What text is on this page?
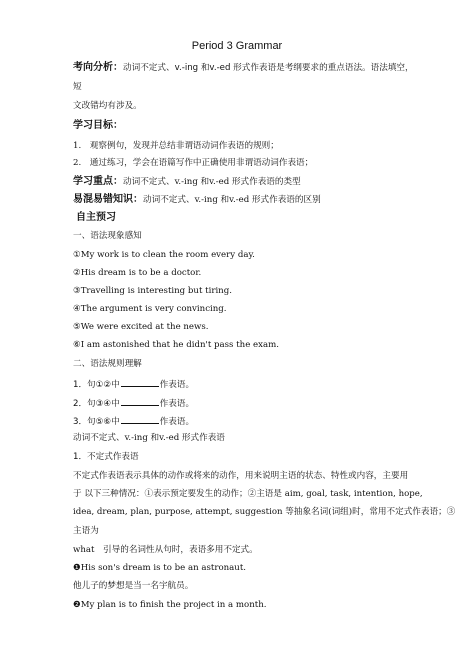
Period 3 Grammar
考向分析：动词不定式、v.-ing 和v.-ed 形式作表语是考纲要求的重点语法。语法填空，
短
文改错均有涉及。
学习目标：
1.　观察例句，发现并总结非谓语动词作表语的规则；
2.　通过练习，学会在语篇写作中正确使用非谓语动词作表语；
学习重点：动词不定式、v.-ing 和v.-ed 形式作表语的类型
易混易错知识：动词不定式、v.-ing 和v.-ed 形式作表语的区别
自主预习
一、语法现象感知
①My work is to clean the room every day.
②His dream is to be a doctor.
③Travelling is interesting but tiring.
④The argument is very convincing.
⑤We were excited at the news.
⑥I am astonished that he didn't pass the exam.
二、语法规则理解
1．句①②中	作表语。
2．句③④中	作表语。
3．句⑤⑥中	作表语。
动词不定式、v.-ing 和v.-ed 形式作表语
1．不定式作表语
不定式作表语表示具体的动作或将来的动作，用来说明主语的状态、特性或内容，主要用
于 以下三种情况：①表示预定要发生的动作；②主语是 aim, goal, task, intention, hope,
idea, dream, plan, purpose, attempt, suggestion 等抽象名词(词组)时，常用不定式作表语；③
主语为
what　引导的名词性从句时，表语多用不定式。
❶His son's dream is to be an astronaut.
他儿子的梦想是当一名宇航员。
❷My plan is to finish the project in a month.
